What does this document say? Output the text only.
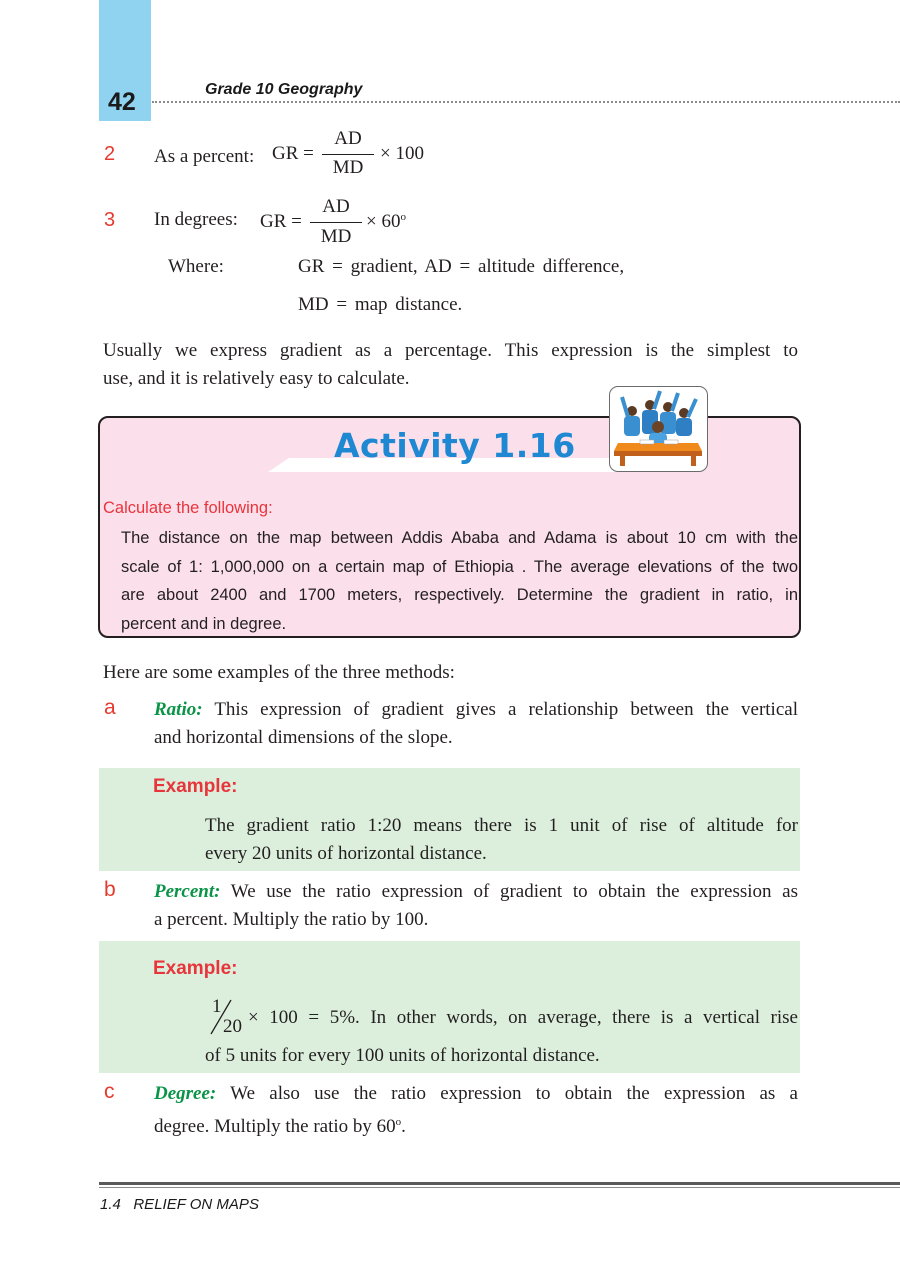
42	Grade 10 Geography
2 As a percent: GR =
AD
MD
× 100
3 In degrees: GR =
AD
MD
× $60^o$
Where:	GR = gradient, AD = altitude difference,
MD = map distance.
Usually we express gradient as a percentage. This expression is the simplest to
use, and it is relatively easy to calculate.
Activity 1.16
Calculate the following:
The distance on the map between Addis Ababa and Adama is about 10 cm with the
scale of 1: 1,000,000 on a certain map of Ethiopia . The average elevations of the two
are about 2400 and 1700 meters, respectively. Determine the gradient in ratio, in
percent and in degree.
Here are some examples of the three methods:
a Ratio: This expression of gradient gives a relationship between the vertical
and horizontal dimensions of the slope.
Example:
The gradient ratio 1:20 means there is 1 unit of rise of altitude for
every 20 units of horizontal distance.
b Percent: We use the ratio expression of gradient to obtain the expression as
a percent. Multiply the ratio by 100.
Example:
1
20 × 100 = 5%. In other words, on average, there is a vertical rise
of 5 units for every 100 units of horizontal distance.
c Degree: We also use the ratio expression to obtain the expression as a
degree. Multiply the ratio by 60$^o$.
1.4   RELIEF ON MAPS
